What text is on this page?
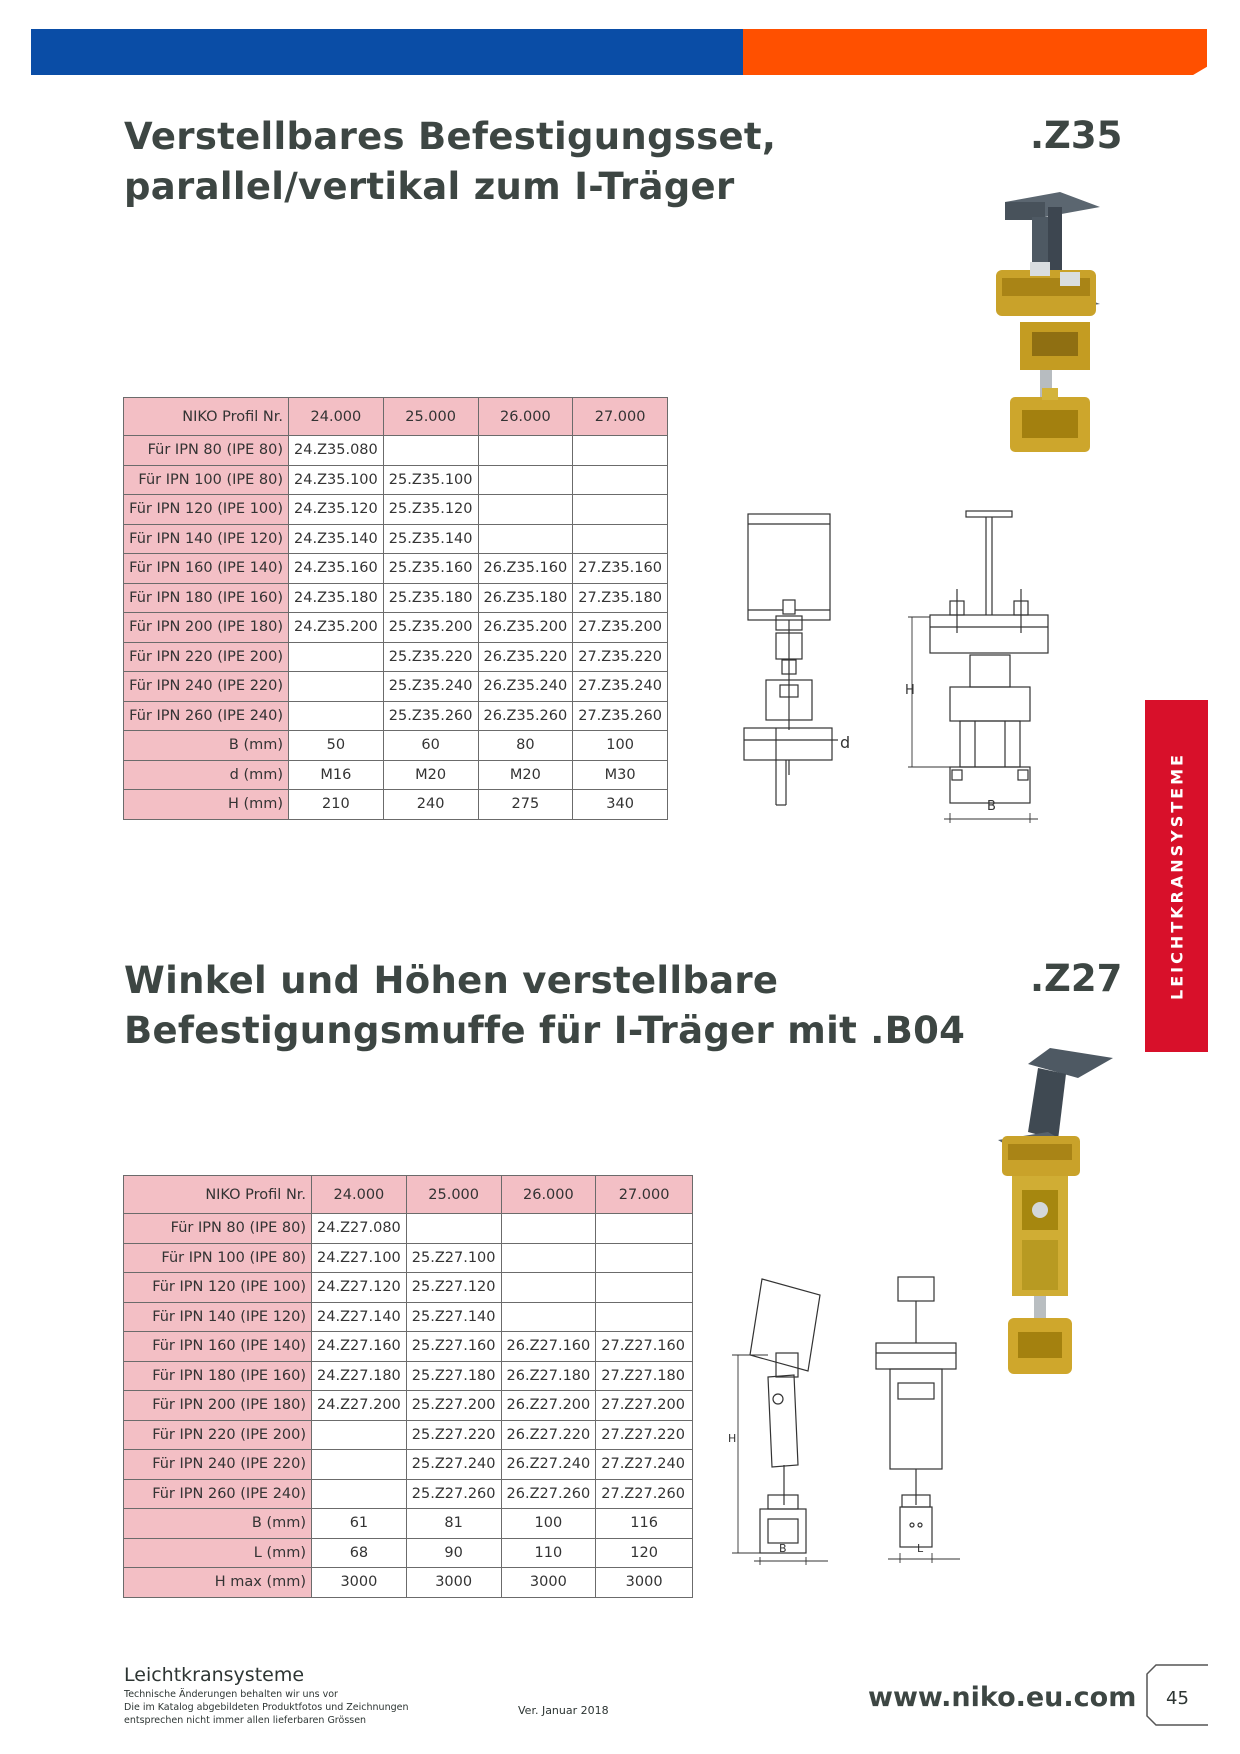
Verstellbares Befestigungsset,
parallel/vertikal zum I-Träger
.Z35
NIKO Profil Nr.	24.000	25.000	26.000	27.000
Für IPN 80 (IPE 80)	24.Z35.080			
Für IPN 100 (IPE 80)	24.Z35.100	25.Z35.100		
Für IPN 120 (IPE 100)	24.Z35.120	25.Z35.120		
Für IPN 140 (IPE 120)	24.Z35.140	25.Z35.140		
Für IPN 160 (IPE 140)	24.Z35.160	25.Z35.160	26.Z35.160	27.Z35.160
Für IPN 180 (IPE 160)	24.Z35.180	25.Z35.180	26.Z35.180	27.Z35.180
Für IPN 200 (IPE 180)	24.Z35.200	25.Z35.200	26.Z35.200	27.Z35.200
Für IPN 220 (IPE 200)		25.Z35.220	26.Z35.220	27.Z35.220
Für IPN 240 (IPE 220)		25.Z35.240	26.Z35.240	27.Z35.240
Für IPN 260 (IPE 240)		25.Z35.260	26.Z35.260	27.Z35.260
B (mm)	50	60	80	100
d (mm)	M16	M20	M20	M30
H (mm)	210	240	275	340
d
H
B	LEICHTKRANSYSTEME
Winkel und Höhen verstellbare
Befestigungsmuffe für I-Träger mit .B04
.Z27
NIKO Profil Nr.	24.000	25.000	26.000	27.000
Für IPN 80 (IPE 80)	24.Z27.080			
Für IPN 100 (IPE 80)	24.Z27.100	25.Z27.100		
Für IPN 120 (IPE 100)	24.Z27.120	25.Z27.120		
Für IPN 140 (IPE 120)	24.Z27.140	25.Z27.140		
Für IPN 160 (IPE 140)	24.Z27.160	25.Z27.160	26.Z27.160	27.Z27.160
Für IPN 180 (IPE 160)	24.Z27.180	25.Z27.180	26.Z27.180	27.Z27.180
Für IPN 200 (IPE 180)	24.Z27.200	25.Z27.200	26.Z27.200	27.Z27.200
Für IPN 220 (IPE 200)		25.Z27.220	26.Z27.220	27.Z27.220
Für IPN 240 (IPE 220)		25.Z27.240	26.Z27.240	27.Z27.240
Für IPN 260 (IPE 240)		25.Z27.260	26.Z27.260	27.Z27.260
B (mm)	61	81	100	116
L (mm)	68	90	110	120
H max (mm)	3000	3000	3000	3000
H
B	L
Leichtkransysteme
Technische Änderungen behalten wir uns vor
Die im Katalog abgebildeten Produktfotos und Zeichnungen
entsprechen nicht immer allen lieferbaren Grössen
Ver. Januar 2018	www.niko.eu.com 45
